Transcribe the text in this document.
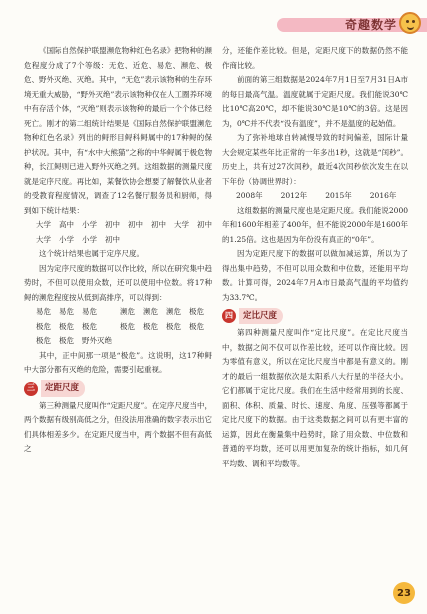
奇趣数学

《国际自然保护联盟濒危物种红色名录》把物种的濒危程度分成了7个等级：无危、近危、易危、濒危、极危、野外灭绝、灭绝。其中，“无危”表示该物种的生存环境无重大威胁，“野外灭绝”表示该物种仅在人工圈养环境中有存活个体，“灭绝”则表示该物种的最后一个个体已经死亡。刚才的第二组统计结果是《国际自然保护联盟濒危物种红色名录》列出的鲟形目鲟科鲟属中的17种鲟的保护状况。其中，有“水中大熊猫”之称的中华鲟属于极危物种，长江鲟则已进入野外灭绝之列。这组数据的测量尺度就是定序尺度。再比如，某餐饮协会想要了解餐饮从业者的受教育程度情况，调查了12名餐厅服务员和厨师，得到如下统计结果：

大学 高中 小学 初中 初中 初中 大学 初中
大学 小学 小学 初中

这个统计结果也属于定序尺度。

因为定序尺度的数据可以作比较，所以在研究集中趋势时，不但可以使用众数，还可以使用中位数。将17种鲟的濒危程度按从低到高排序，可以得到：

易危 易危 易危	濒危 濒危 濒危 极危
极危 极危 极危	极危 极危 极危 极危
极危 极危 野外灭绝

其中，正中间那一项是“极危”。这说明，这17种鲟中大部分都有灭绝的危险，需要引起重视。

三	定距尺度

第三种测量尺度叫作“定距尺度”。在定序尺度当中，两个数据有级别高低之分，但没法用准确的数字表示出它们具体相差多少。在定距尺度当中，两个数据不但有高低之

分，还能作差比较。但是，定距尺度下的数据仍然不能作商比较。

前面的第三组数据是2024年7月1日至7月31日A市的每日最高气温。温度就属于定距尺度。我们能说30℃比10℃高20℃，却不能说30℃是10℃的3倍。这是因为，0℃并不代表“没有温度”，并不是温度的起始值。

为了弥补地球自转减慢导致的时间偏差，国际计量大会规定某些年比正常的一年多出1秒，这就是“闰秒”。历史上，共有过27次闰秒，最近4次闰秒依次发生在以下年份（协调世界时）：

2008年 2012年 2015年 2016年

这组数据的测量尺度也是定距尺度。我们能说2000年和1600年相差了400年，但不能说2000年是1600年的1.25倍。这也是因为年份没有真正的“0年”。

因为定距尺度下的数据可以做加减运算，所以为了得出集中趋势，不但可以用众数和中位数，还能用平均数。计算可得，2024年7月A市日最高气温的平均值约为33.7℃。

四	定比尺度

第四种测量尺度叫作“定比尺度”。在定比尺度当中，数据之间不仅可以作差比较，还可以作商比较。因为零值有意义，所以在定比尺度当中都是有意义的。刚才的最后一组数据依次是太阳系八大行星的半径大小。它们都属于定比尺度。我们在生活中经常用到的长度、面积、体积、质量、时长、速度、角度、压强等都属于定比尺度下的数据。由于这类数据之间可以有更丰富的运算，因此在衡量集中趋势时，除了用众数、中位数和普通的平均数，还可以用更加复杂的统计指标，如几何平均数、调和平均数等。

23
